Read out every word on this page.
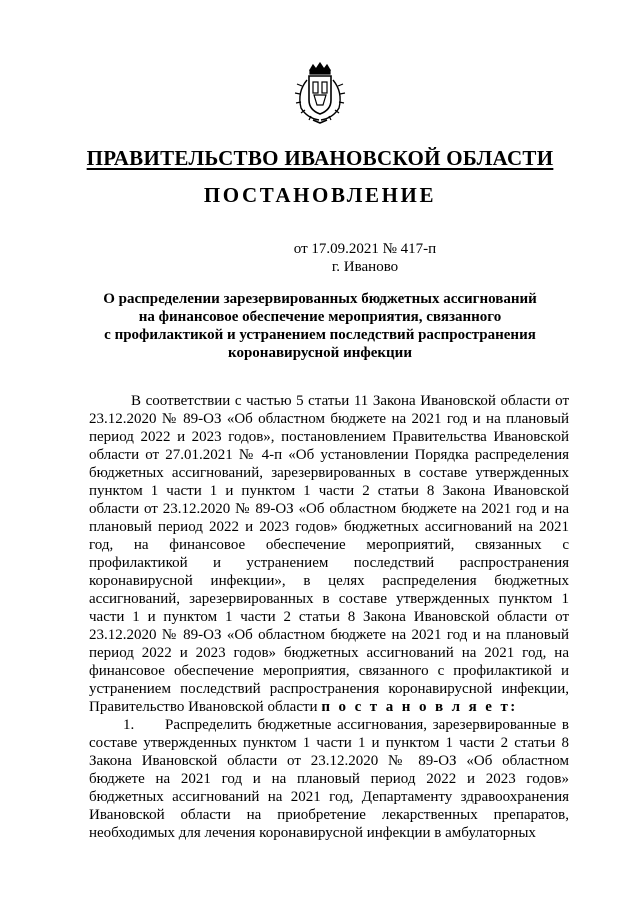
ПРАВИТЕЛЬСТВО ИВАНОВСКОЙ ОБЛАСТИ
ПОСТАНОВЛЕНИЕ

от 17.09.2021 № 417-п

г. Иваново

О распределении зарезервированных бюджетных ассигнований
на финансовое обеспечение мероприятия, связанного
с профилактикой и устранением последствий распространения
коронавирусной инфекции

В соответствии с частью 5 статьи 11 Закона Ивановской области от 23.12.2020 № 89-ОЗ «Об областном бюджете на 2021 год и на плановый период 2022 и 2023 годов», постановлением Правительства Ивановской области от 27.01.2021 № 4-п «Об установлении Порядка распределения бюджетных ассигнований, зарезервированных в составе утвержденных пунктом 1 части 1 и пунктом 1 части 2 статьи 8 Закона Ивановской области от 23.12.2020 № 89-ОЗ «Об областном бюджете на 2021 год и на плановый период 2022 и 2023 годов» бюджетных ассигнований на 2021 год, на финансовое обеспечение мероприятий, связанных с профилактикой и устранением последствий распространения коронавирусной инфекции», в целях распределения бюджетных ассигнований, зарезервированных в составе утвержденных пунктом 1 части 1 и пунктом 1 части 2 статьи 8 Закона Ивановской области от 23.12.2020 № 89-ОЗ «Об областном бюджете на 2021 год и на плановый период 2022 и 2023 годов» бюджетных ассигнований на 2021 год, на финансовое обеспечение мероприятия, связанного с профилактикой и устранением последствий распространения коронавирусной инфекции, Правительство Ивановской области п о с т а н о в л я е т:

1. Распределить бюджетные ассигнования, зарезервированные в составе утвержденных пунктом 1 части 1 и пунктом 1 части 2 статьи 8 Закона Ивановской области от 23.12.2020 № 89-ОЗ «Об областном бюджете на 2021 год и на плановый период 2022 и 2023 годов» бюджетных ассигнований на 2021 год, Департаменту здравоохранения Ивановской области на приобретение лекарственных препаратов, необходимых для лечения коронавирусной инфекции в амбулаторных
